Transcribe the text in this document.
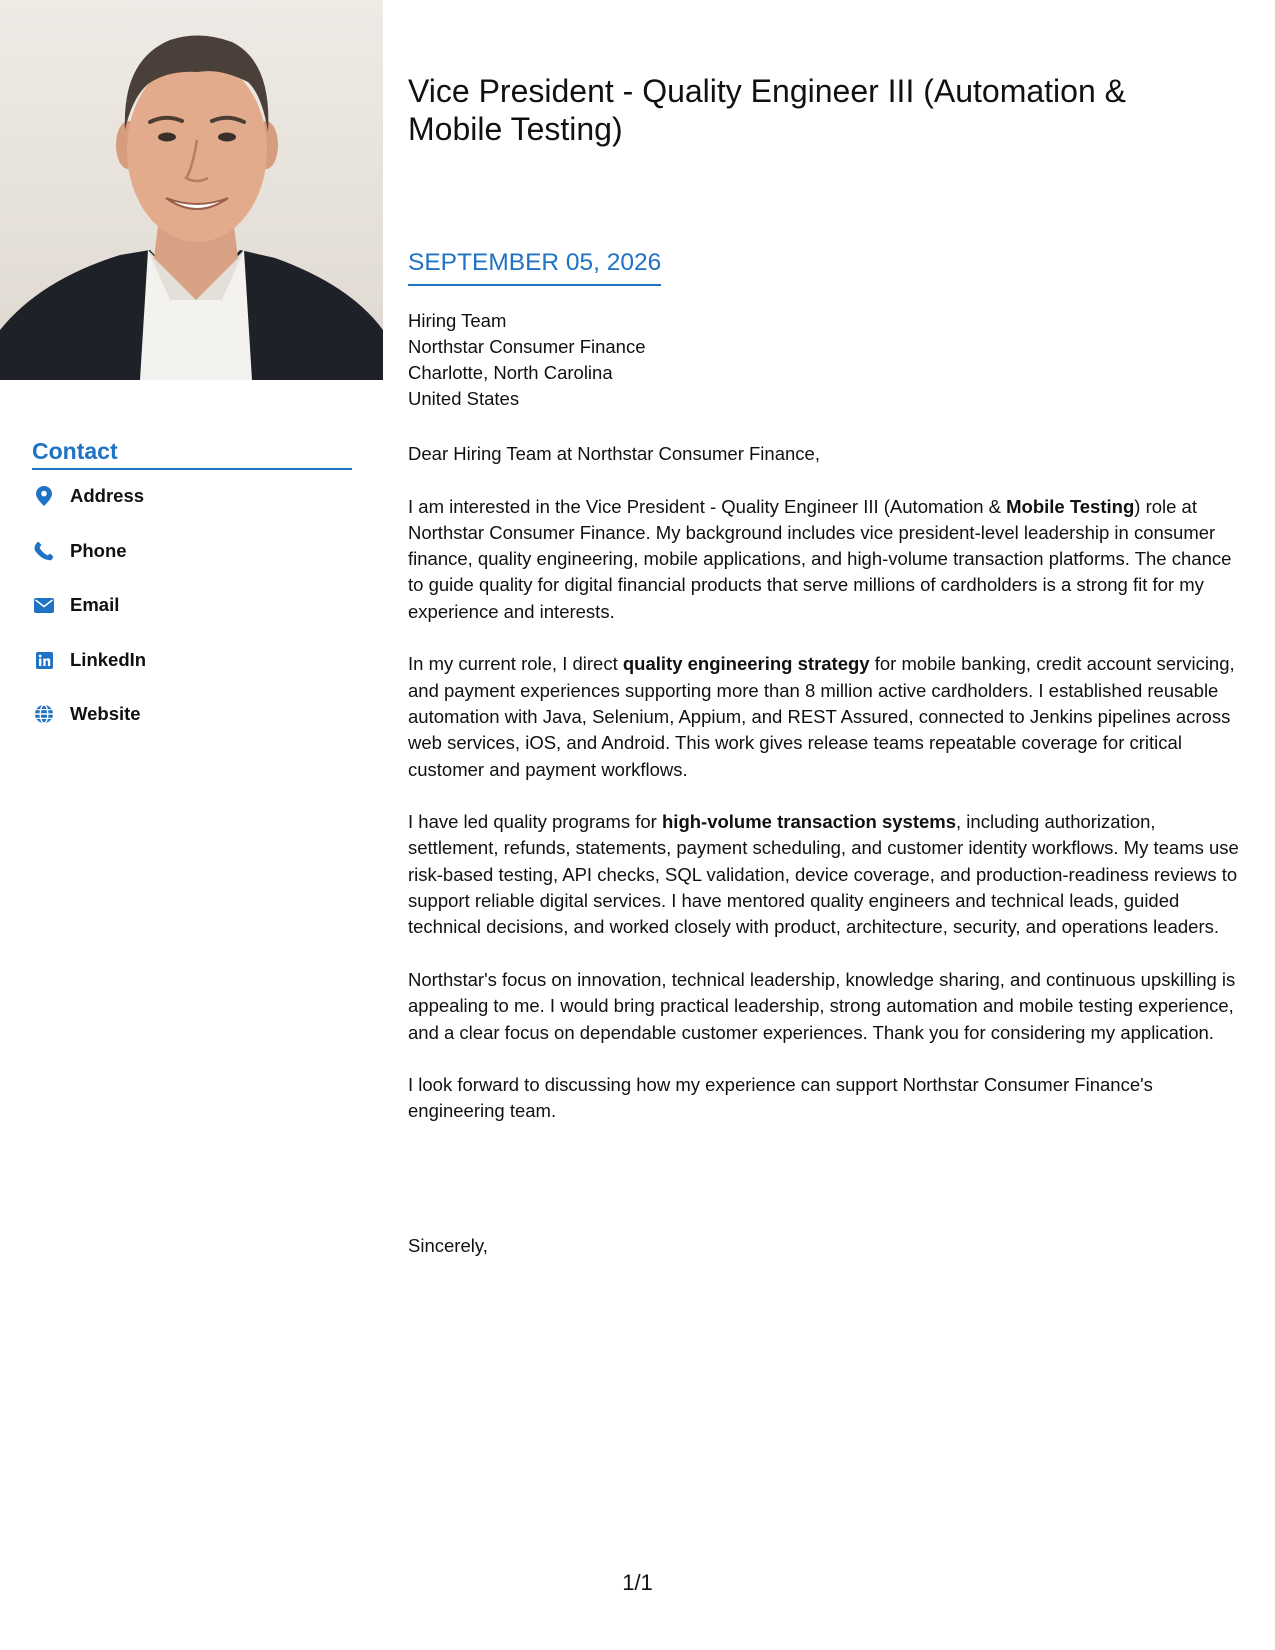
Contact
Address
Phone
Email
LinkedIn
Website
Vice President - Quality Engineer III (Automation & Mobile Testing)
SEPTEMBER 05, 2026
Hiring Team
Northstar Consumer Finance
Charlotte, North Carolina
United States

Dear Hiring Team at Northstar Consumer Finance,

I am interested in the Vice President - Quality Engineer III (Automation & Mobile Testing) role at Northstar Consumer Finance. My background includes vice president-level leadership in consumer finance, quality engineering, mobile applications, and high-volume transaction platforms. The chance to guide quality for digital financial products that serve millions of cardholders is a strong fit for my experience and interests.

In my current role, I direct quality engineering strategy for mobile banking, credit account servicing, and payment experiences supporting more than 8 million active cardholders. I established reusable automation with Java, Selenium, Appium, and REST Assured, connected to Jenkins pipelines across web services, iOS, and Android. This work gives release teams repeatable coverage for critical customer and payment workflows.

I have led quality programs for high-volume transaction systems, including authorization, settlement, refunds, statements, payment scheduling, and customer identity workflows. My teams use risk-based testing, API checks, SQL validation, device coverage, and production-readiness reviews to support reliable digital services. I have mentored quality engineers and technical leads, guided technical decisions, and worked closely with product, architecture, security, and operations leaders.

Northstar's focus on innovation, technical leadership, knowledge sharing, and continuous upskilling is appealing to me. I would bring practical leadership, strong automation and mobile testing experience, and a clear focus on dependable customer experiences. Thank you for considering my application.

I look forward to discussing how my experience can support Northstar Consumer Finance's engineering team.

Sincerely,
1/1
